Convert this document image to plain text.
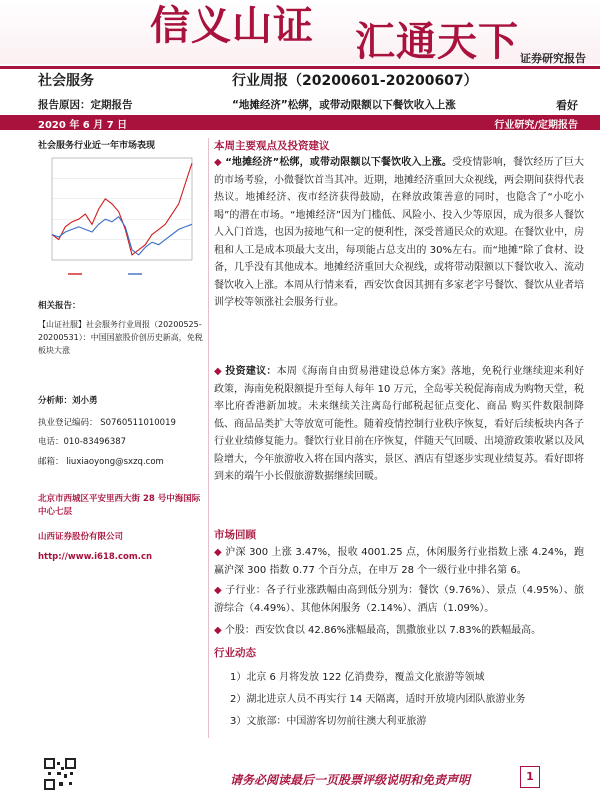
信义山证 汇通天下 证券研究报告
社会服务	行业周报（20200601-20200607）
报告原因：定期报告	“地摊经济”松绑，或带动限额以下餐饮收入上涨	看好
2020 年 6 月 7 日	行业研究/定期报告
社会服务行业近一年市场表现
相关报告：
【山证社服】社会服务行业周报（20200525-20200531）：中国国旅股价创历史新高，免税板块大涨
分析师：刘小勇
执业登记编码： S0760511010019
电话：010-83496387
邮箱： liuxiaoyong@sxzq.com
北京市西城区平安里西大街 28 号中海国际中心七层
山西证券股份有限公司
http://www.i618.com.cn
本周主要观点及投资建议
◆ “地摊经济”松绑，或带动限额以下餐饮收入上涨。受疫情影响，餐饮经历了巨大的市场考验，小微餐饮首当其冲。近期，地摊经济重回大众视线，两会期间获得代表热议。地摊经济、夜市经济获得鼓励，在释放政策善意的同时，也隐含了“小吃小喝”的潜在市场。“地摊经济”因为门槛低、风险小、投入少等原因，成为很多人餐饮人入门首选，也因为接地气和一定的便利性，深受普通民众的欢迎。在餐饮业中，房租和人工是成本项最大支出，每项能占总支出的 30%左右。而“地摊”除了食材、设备，几乎没有其他成本。地摊经济重回大众视线，或将带动限额以下餐饮收入、流动餐饮收入上涨。本周从行情来看，西安饮食因其拥有多家老字号餐饮、餐饮从业者培训学校等领涨社会服务行业。
◆ 投资建议：本周《海南自由贸易港建设总体方案》落地，免税行业继续迎来利好政策，海南免税限额提升至每人每年 10 万元，全岛零关税促海南成为购物天堂，税率比府香港新加坡。未来继续关注离岛行邮税起征点变化、商品 购买件数限制降低、商品品类扩大等放宽可能性。随着疫情控制行业秩序恢复，看好后续板块内各子行业业绩修复能力。餐饮行业目前在序恢复，伴随天气回暖、出境游政策收紧以及风险增大，今年旅游收入将在国内落实，景区、酒店有望逐步实现业绩复苏。看好即将到来的端午小长假旅游数据继续回暖。
市场回顾
◆ 沪深 300 上涨 3.47%，报收 4001.25 点，休闲服务行业指数上涨 4.24%，跑赢沪深 300 指数 0.77 个百分点，在申万 28 个一级行业中排名第 6。
◆ 子行业：各子行业涨跌幅由高到低分别为：餐饮（9.76%）、景点（4.95%）、旅游综合（4.49%）、其他休闲服务（2.14%）、酒店（1.09%）。
◆ 个股：西安饮食以 42.86%涨幅最高，凯撒旅业以 7.83%的跌幅最高。
行业动态
1）北京 6 月将发放 122 亿消费券，覆盖文化旅游等领域
2）湖北进京人员不再实行 14 天隔离，适时开放境内团队旅游业务
3）文旅部：中国游客切勿前往澳大利亚旅游
请务必阅读最后一页股票评级说明和免责声明	1
